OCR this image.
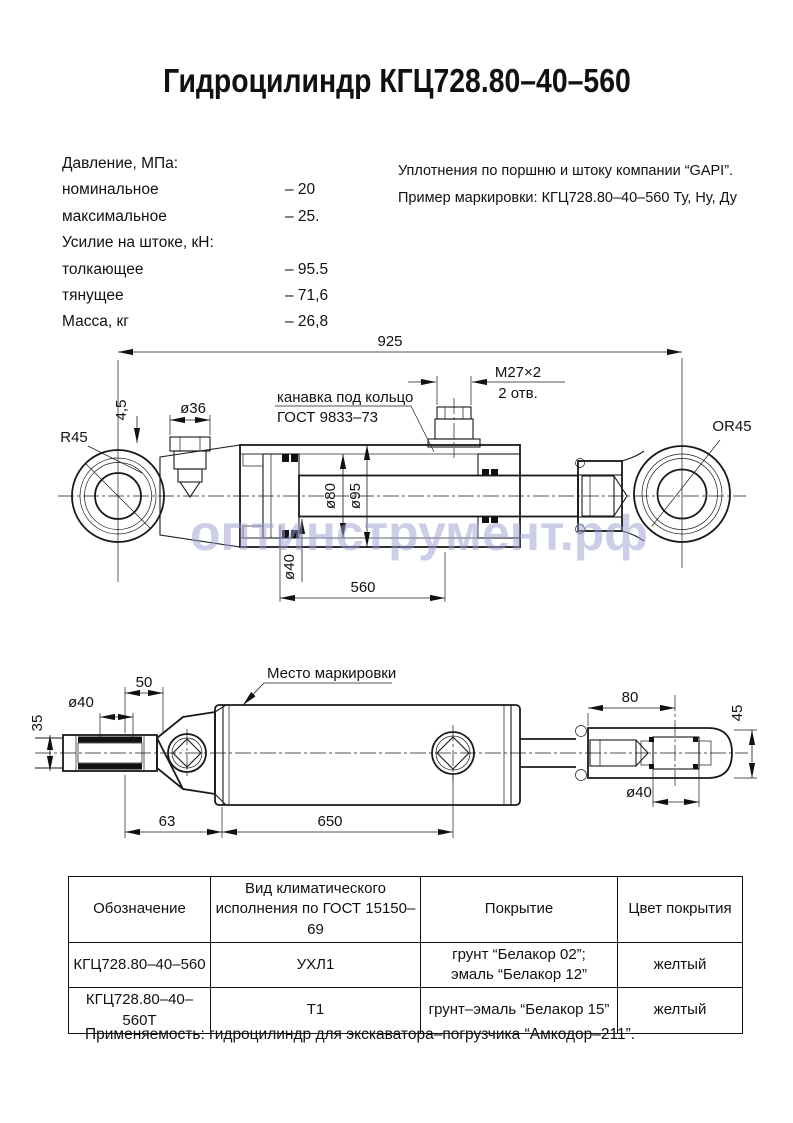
Гидроцилиндр КГЦ728.80–40–560
Давление, МПа:
номинальное	– 20
максимальное	– 25.
Усилие на штоке, кН:
толкающее	– 95.5
тянущее	– 71,6
Масса, кг	– 26,8
Уплотнения по поршню и штоку компании “GAPI”.
Пример маркировки: КГЦ728.80–40–560 Ту, Ну, Ду
925
ø36
4,5
M27×2
2 отв.
канавка под кольцо
ГОСТ 9833–73
ø80 ø95
ø40
560
R45
OR45
оптинструмент.рф
Место маркировки
50
ø40
35
63	650
80
45
ø40
Обозначение	Вид климатического
исполнения по ГОСТ 15150–69	Покрытие	Цвет покрытия
КГЦ728.80–40–560	УХЛ1	грунт “Белакор 02”;
эмаль “Белакор 12”	желтый
КГЦ728.80–40–560Т	Т1	грунт–эмаль “Белакор 15”	желтый
Применяемость: гидроцилиндр для экскаватора–погрузчика “Амкодор–211”.
